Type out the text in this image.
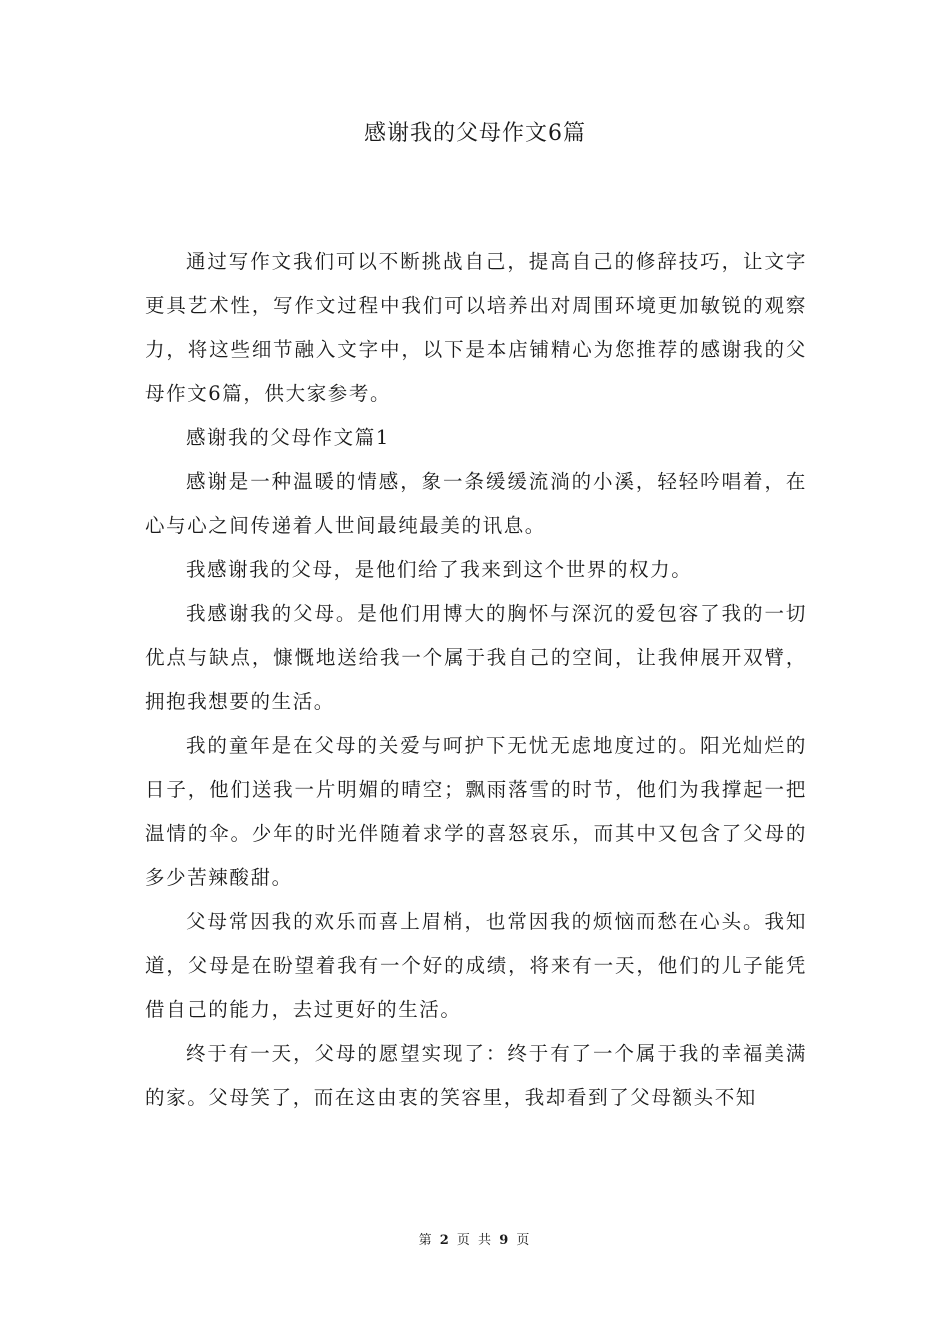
感谢我的父母作文6篇

通过写作文我们可以不断挑战自己，提高自己的修辞技巧，让文字更具艺术性，写作文过程中我们可以培养出对周围环境更加敏锐的观察力，将这些细节融入文字中，以下是本店铺精心为您推荐的感谢我的父母作文6篇，供大家参考。

感谢我的父母作文篇1

感谢是一种温暖的情感，象一条缓缓流淌的小溪，轻轻吟唱着，在心与心之间传递着人世间最纯最美的讯息。

我感谢我的父母，是他们给了我来到这个世界的权力。

我感谢我的父母。是他们用博大的胸怀与深沉的爱包容了我的一切优点与缺点，慷慨地送给我一个属于我自己的空间，让我伸展开双臂，拥抱我想要的生活。

我的童年是在父母的关爱与呵护下无忧无虑地度过的。阳光灿烂的日子，他们送我一片明媚的晴空；飘雨落雪的时节，他们为我撑起一把温情的伞。少年的时光伴随着求学的喜怒哀乐，而其中又包含了父母的多少苦辣酸甜。

父母常因我的欢乐而喜上眉梢，也常因我的烦恼而愁在心头。我知道，父母是在盼望着我有一个好的成绩，将来有一天，他们的儿子能凭借自己的能力，去过更好的生活。

终于有一天，父母的愿望实现了：终于有了一个属于我的幸福美满的家。父母笑了，而在这由衷的笑容里，我却看到了父母额头不知

第 2 页 共 9 页
